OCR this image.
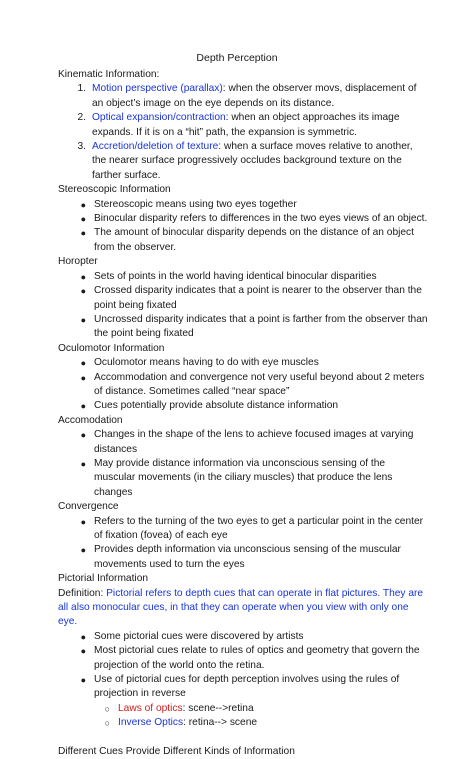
Depth Perception
Kinematic Information:
1. Motion perspective (parallax): when the observer movs, displacement of an object’s image on the eye depends on its distance.
2. Optical expansion/contraction: when an object approaches its image expands. If it is on a “hit” path, the expansion is symmetric.
3. Accretion/deletion of texture: when a surface moves relative to another, the nearer surface progressively occludes background texture on the farther surface.
Stereoscopic Information
● Stereoscopic means using two eyes together
● Binocular disparity refers to differences in the two eyes views of an object.
● The amount of binocular disparity depends on the distance of an object from the observer.
Horopter
● Sets of points in the world having identical binocular disparities
● Crossed disparity indicates that a point is nearer to the observer than the point being fixated
● Uncrossed disparity indicates that a point is farther from the observer than the point being fixated
Oculomotor Information
● Oculomotor means having to do with eye muscles
● Accommodation and convergence not very useful beyond about 2 meters of distance. Sometimes called “near space”
● Cues potentially provide absolute distance information
Accomodation
● Changes in the shape of the lens to achieve focused images at varying distances
● May provide distance information via unconscious sensing of the muscular movements (in the ciliary muscles) that produce the lens changes
Convergence
● Refers to the turning of the two eyes to get a particular point in the center of fixation (fovea) of each eye
● Provides depth information via unconscious sensing of the muscular movements used to turn the eyes
Pictorial Information
Definition: Pictorial refers to depth cues that can operate in flat pictures. They are all also monocular cues, in that they can operate when you view with only one eye.
● Some pictorial cues were discovered by artists
● Most pictorial cues relate to rules of optics and geometry that govern the projection of the world onto the retina.
● Use of pictorial cues for depth perception involves using the rules of projection in reverse
○ Laws of optics: scene-->retina
○ Inverse Optics: retina--> scene
Different Cues Provide Different Kinds of Information
